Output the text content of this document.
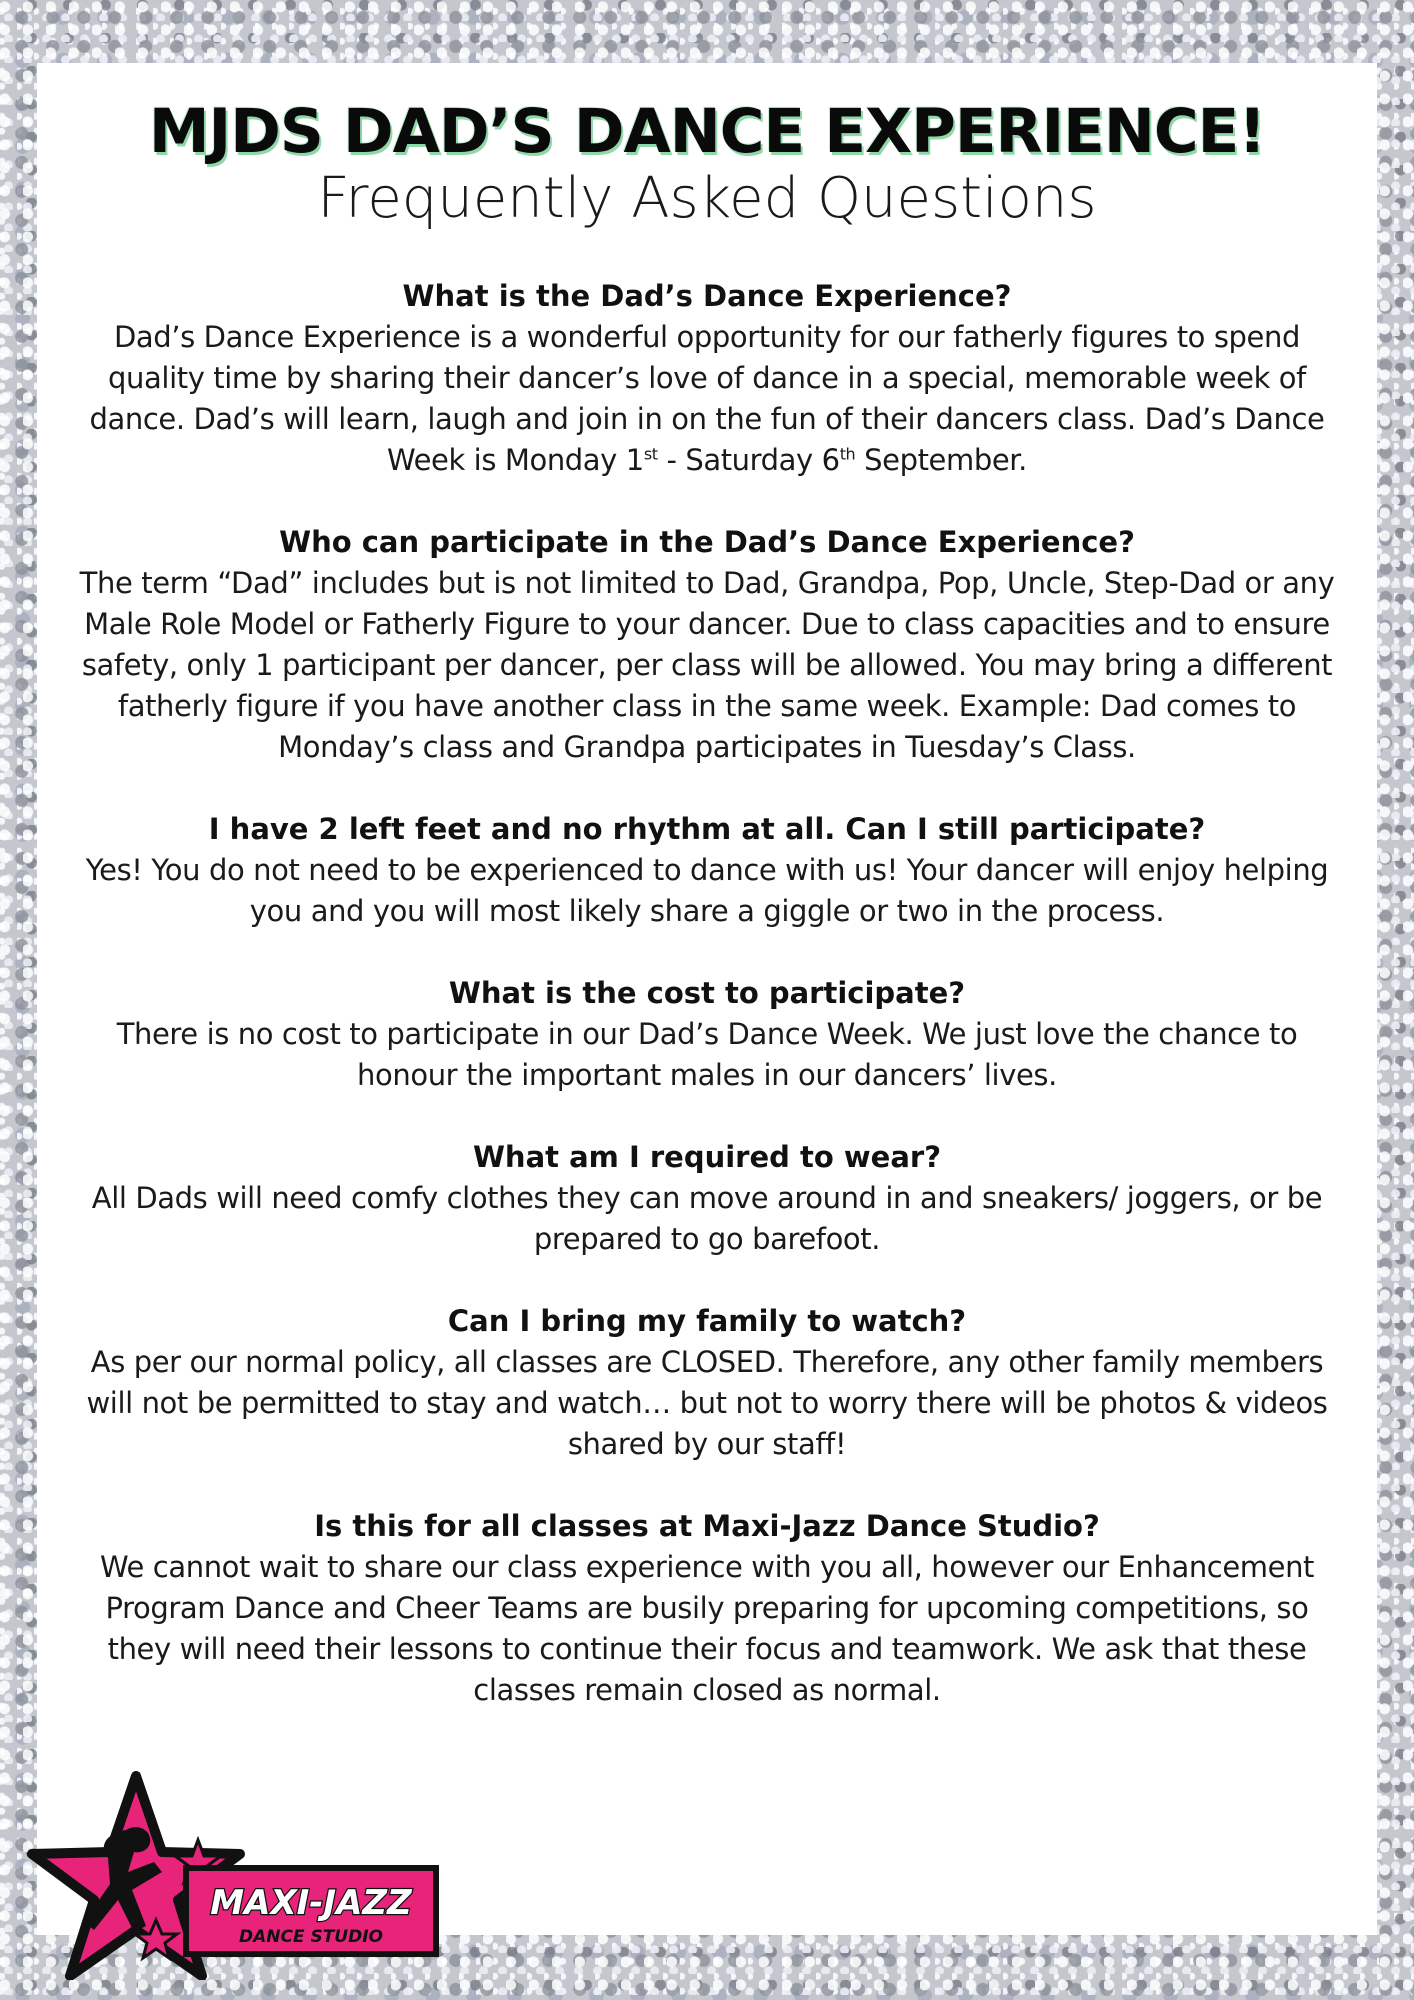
MJDS DAD’S DANCE EXPERIENCE!
Frequently Asked Questions

What is the Dad’s Dance Experience?

Dad’s Dance Experience is a wonderful opportunity for our fatherly figures to spend quality time by sharing their dancer’s love of dance in a special, memorable week of dance. Dad’s will learn, laugh and join in on the fun of their dancers class. Dad’s Dance Week is Monday 1st - Saturday 6th September.

Who can participate in the Dad’s Dance Experience?

The term “Dad” includes but is not limited to Dad, Grandpa, Pop, Uncle, Step-Dad or any Male Role Model or Fatherly Figure to your dancer. Due to class capacities and to ensure safety, only 1 participant per dancer, per class will be allowed. You may bring a different fatherly figure if you have another class in the same week. Example: Dad comes to Monday’s class and Grandpa participates in Tuesday’s Class.

I have 2 left feet and no rhythm at all. Can I still participate?

Yes! You do not need to be experienced to dance with us! Your dancer will enjoy helping you and you will most likely share a giggle or two in the process.

What is the cost to participate?

There is no cost to participate in our Dad’s Dance Week. We just love the chance to honour the important males in our dancers’ lives.

What am I required to wear?

All Dads will need comfy clothes they can move around in and sneakers/ joggers, or be prepared to go barefoot.

Can I bring my family to watch?

As per our normal policy, all classes are CLOSED. Therefore, any other family members will not be permitted to stay and watch… but not to worry there will be photos & videos shared by our staff!

Is this for all classes at Maxi-Jazz Dance Studio?

We cannot wait to share our class experience with you all, however our Enhancement Program Dance and Cheer Teams are busily preparing for upcoming competitions, so they will need their lessons to continue their focus and teamwork. We ask that these classes remain closed as normal.

MAXI-JAZZ
DANCE STUDIO
